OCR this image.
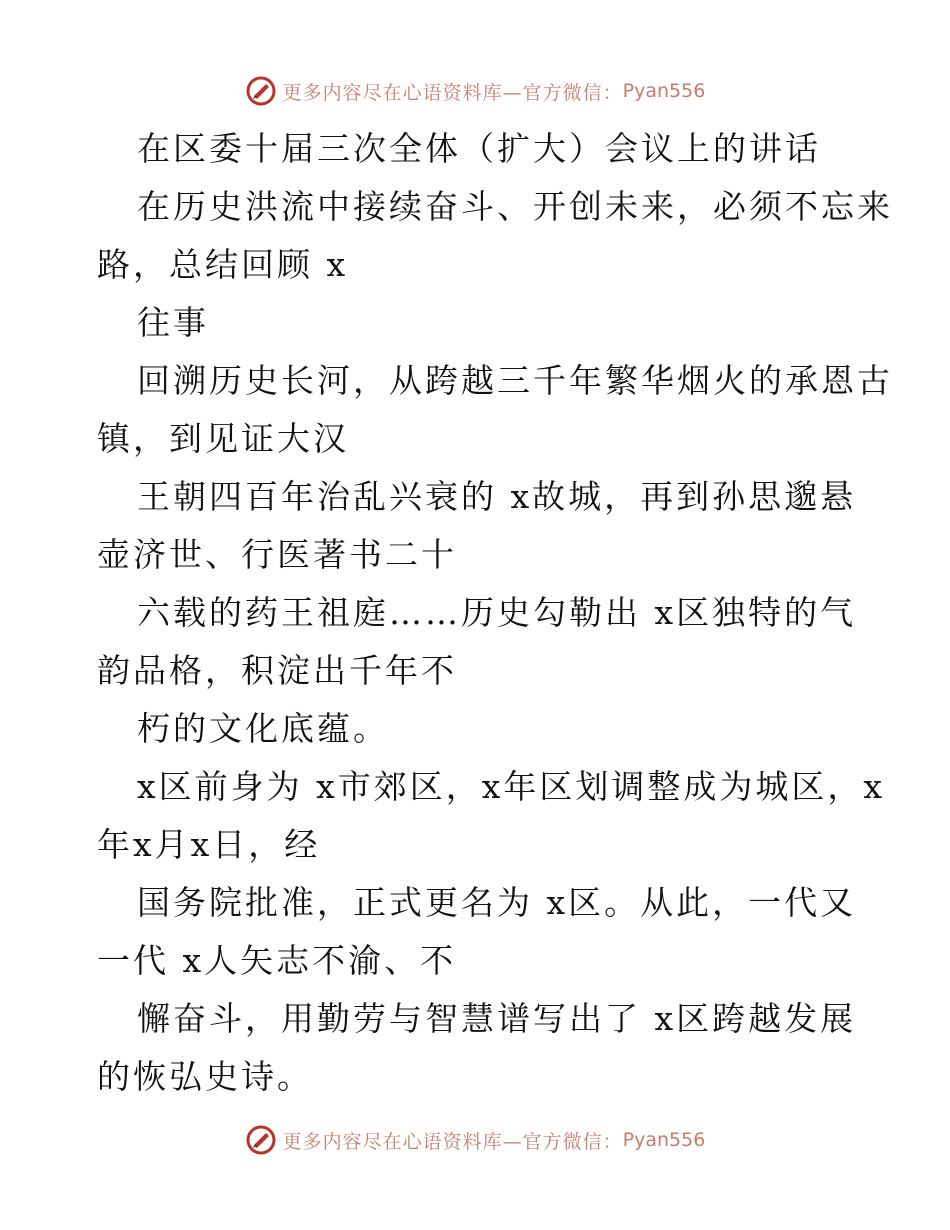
更多内容尽在心语资料库—官方微信： Pyan556
在区委十届三次全体（扩大）会议上的讲话
在历史洪流中接续奋斗、开创未来，必须不忘来
路，总结回顾 x
往事
回溯历史长河，从跨越三千年繁华烟火的承恩古
镇，到见证大汉
王朝四百年治乱兴衰的 x故城，再到孙思邈悬
壶济世、行医著书二十
六载的药王祖庭……历史勾勒出 x区独特的气
韵品格，积淀出千年不
朽的文化底蕴。
x区前身为 x市郊区，x年区划调整成为城区，x
年x月x日，经
国务院批准，正式更名为 x区。从此，一代又
一代 x人矢志不渝、不
懈奋斗，用勤劳与智慧谱写出了 x区跨越发展
的恢弘史诗。
更多内容尽在心语资料库—官方微信： Pyan556
